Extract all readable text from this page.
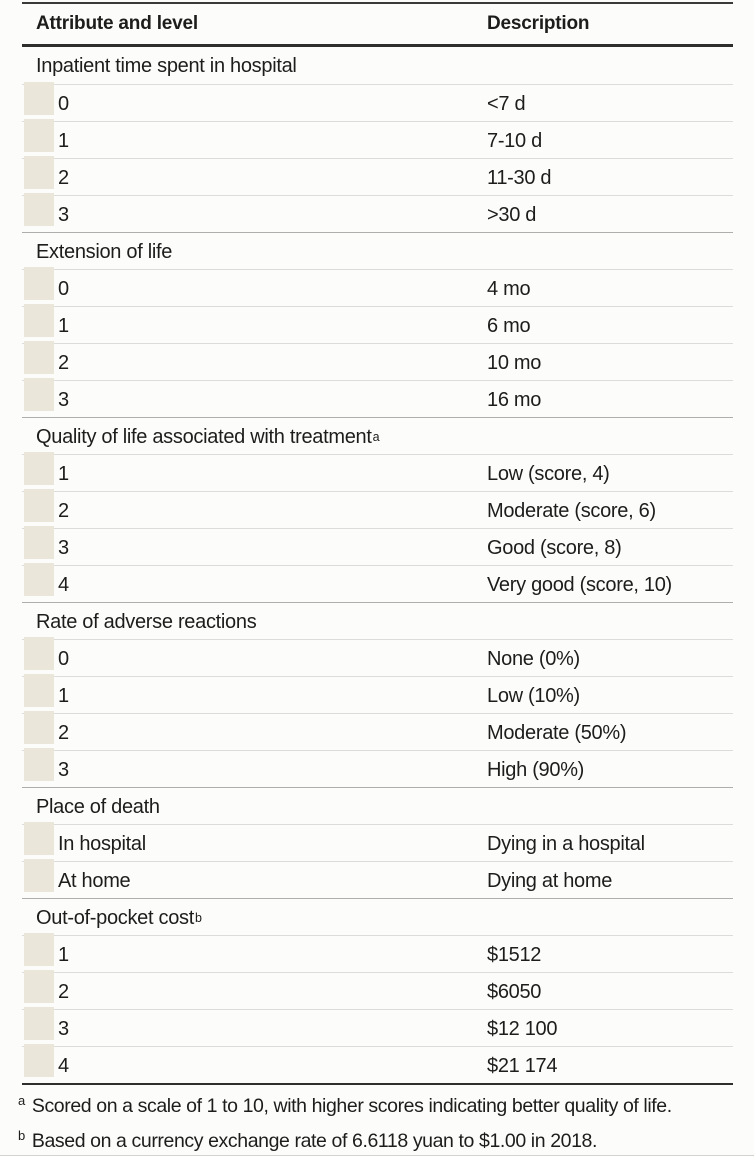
Attribute and level	Description
Inpatient time spent in hospital
0	<7 d
1	7-10 d
2	11-30 d
3	>30 d
Extension of life
0	4 mo
1	6 mo
2	10 mo
3	16 mo
Quality of life associated with treatment a
1	Low (score, 4)
2	Moderate (score, 6)
3	Good (score, 8)
4	Very good (score, 10)
Rate of adverse reactions
0	None (0%)
1	Low (10%)
2	Moderate (50%)
3	High (90%)
Place of death
In hospital	Dying in a hospital
At home	Dying at home
Out-of-pocket cost b
1	$1512
2	$6050
3	$12 100
4	$21 174
$^a$ Scored on a scale of 1 to 10, with higher scores indicating better quality of life.
$^b$ Based on a currency exchange rate of 6.6118 yuan to $1.00 in 2018.
